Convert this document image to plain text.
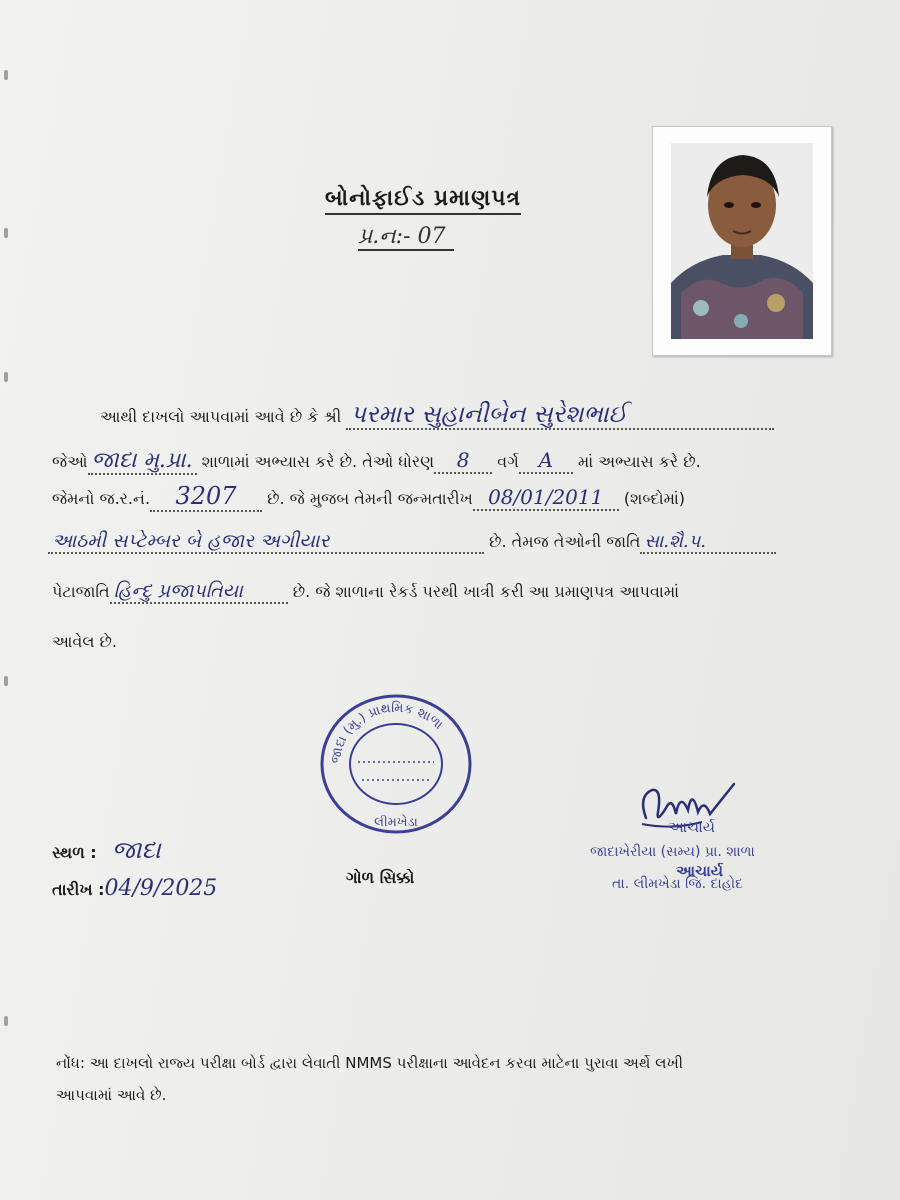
બોનોફાઈડ પ્રમાણપત્ર
પ્ર.ન:- 07
આથી દાખલો આપવામાં આવે છે કે શ્રી પરમાર સુહાનીબેન સુરેશભાઈ
જેઓ જાદા મુ.પ્રા. શાળામાં અભ્યાસ કરે છે. તેઓ ધોરણ 8 વર્ગ A માં અભ્યાસ કરે છે.
જેમનો જ.ર.નં. 3207 છે. જે મુજબ તેમની જન્મતારીખ 08/01/2011 (શબ્દોમાં)
આઠમી સપ્ટેમ્બર બે હજાર અગીયાર	છે. તેમજ તેઓની જાતિ સા.શૈ.પ.
પેટાજાતિ હિન્દુ પ્રજાપતિયા	છે. જે શાળાના રેકર્ડ પરથી ખાત્રી કરી આ પ્રમાણપત્ર આપવામાં
આવેલ છે.
જાદા (મુ.) પ્રાથમિક શાળા
લીમખેડા
સ્થળ : જાદા
તારીખ :04/9/2025	ગોળ સિક્કો
આચાર્ય
જાદાખેરીયા (સમ્ય) પ્રા. શાળા
આચાર્ય
તા. લીમખેડા જિ. દાહોદ
નોંધ: આ દાખલો રાજ્ય પરીક્ષા બોર્ડ દ્વારા લેવાતી NMMS પરીક્ષાના આવેદન કરવા માટેના પુરાવા અર્થે લખી
આપવામાં આવે છે.
